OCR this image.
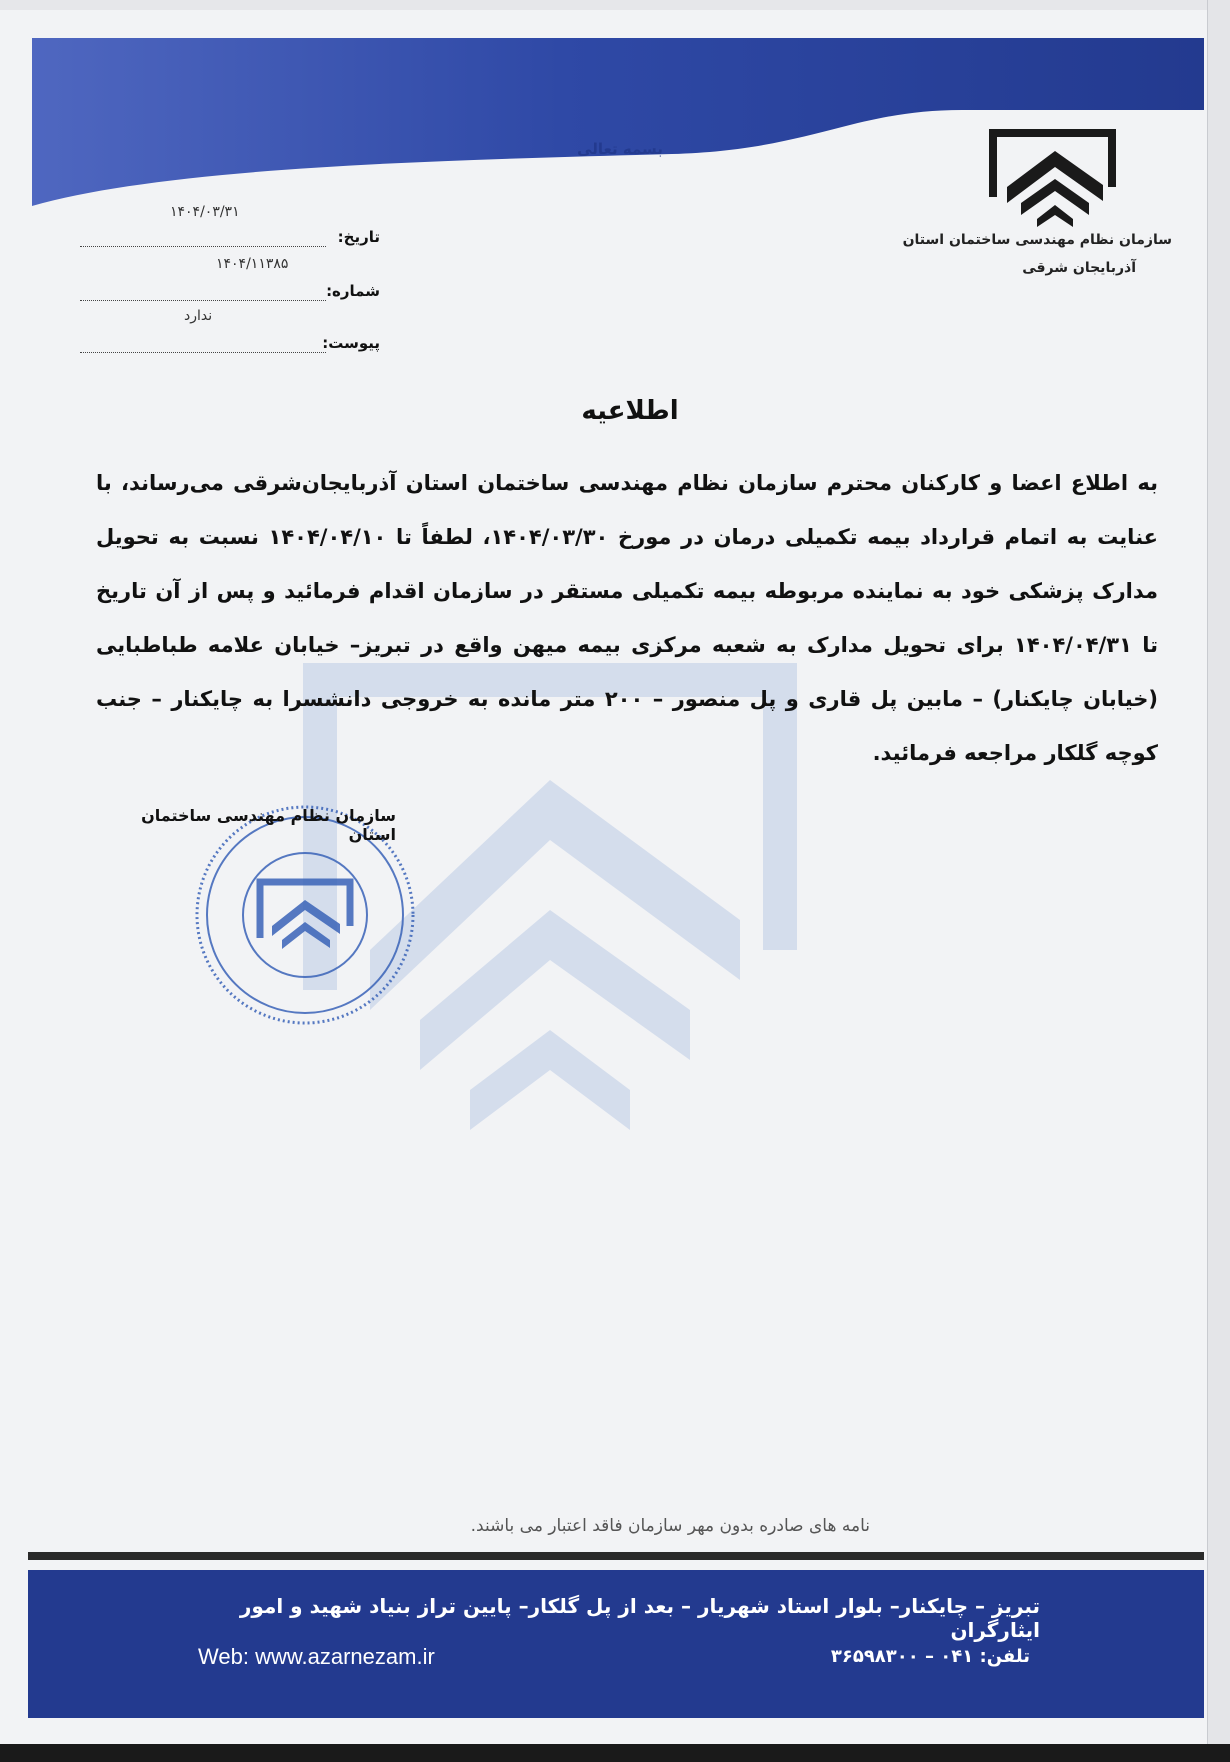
بسمه تعالی
سازمان نظام مهندسی ساختمان استان
آذربایجان شرقی
تاریخ:
۱۴۰۴/۰۳/۳۱
شماره:
۱۴۰۴/۱۱۳۸۵
پیوست:
ندارد
اطلاعیه
به اطلاع اعضا و کارکنان محترم سازمان نظام مهندسی ساختمان استان آذربایجان‌شرقی می‌رساند، با عنایت به اتمام قرارداد بیمه تکمیلی درمان در مورخ ۱۴۰۴/۰۳/۳۰، لطفاً تا ۱۴۰۴/۰۴/۱۰ نسبت به تحویل مدارک پزشکی خود به نماینده مربوطه بیمه تکمیلی مستقر در سازمان اقدام فرمائید و پس از آن تاریخ تا ۱۴۰۴/۰۴/۳۱ برای تحویل مدارک به شعبه مرکزی بیمه میهن واقع در تبریز– خیابان علامه طباطبایی (خیابان چایکنار) – مابین پل قاری و پل منصور – ۲۰۰ متر مانده به خروجی دانشسرا به چایکنار – جنب کوچه گلکار مراجعه فرمائید.
سازمان نظام مهندسی ساختمان استان
نامه های صادره بدون مهر سازمان فاقد اعتبار می باشند.
تبریز – چایکنار– بلوار استاد شهریار – بعد از پل گلکار– پایین تراز بنیاد شهید و امور ایثارگران
Web: www.azarnezam.ir	تلفن: ۰۴۱ – ۳۶۵۹۸۳۰۰
